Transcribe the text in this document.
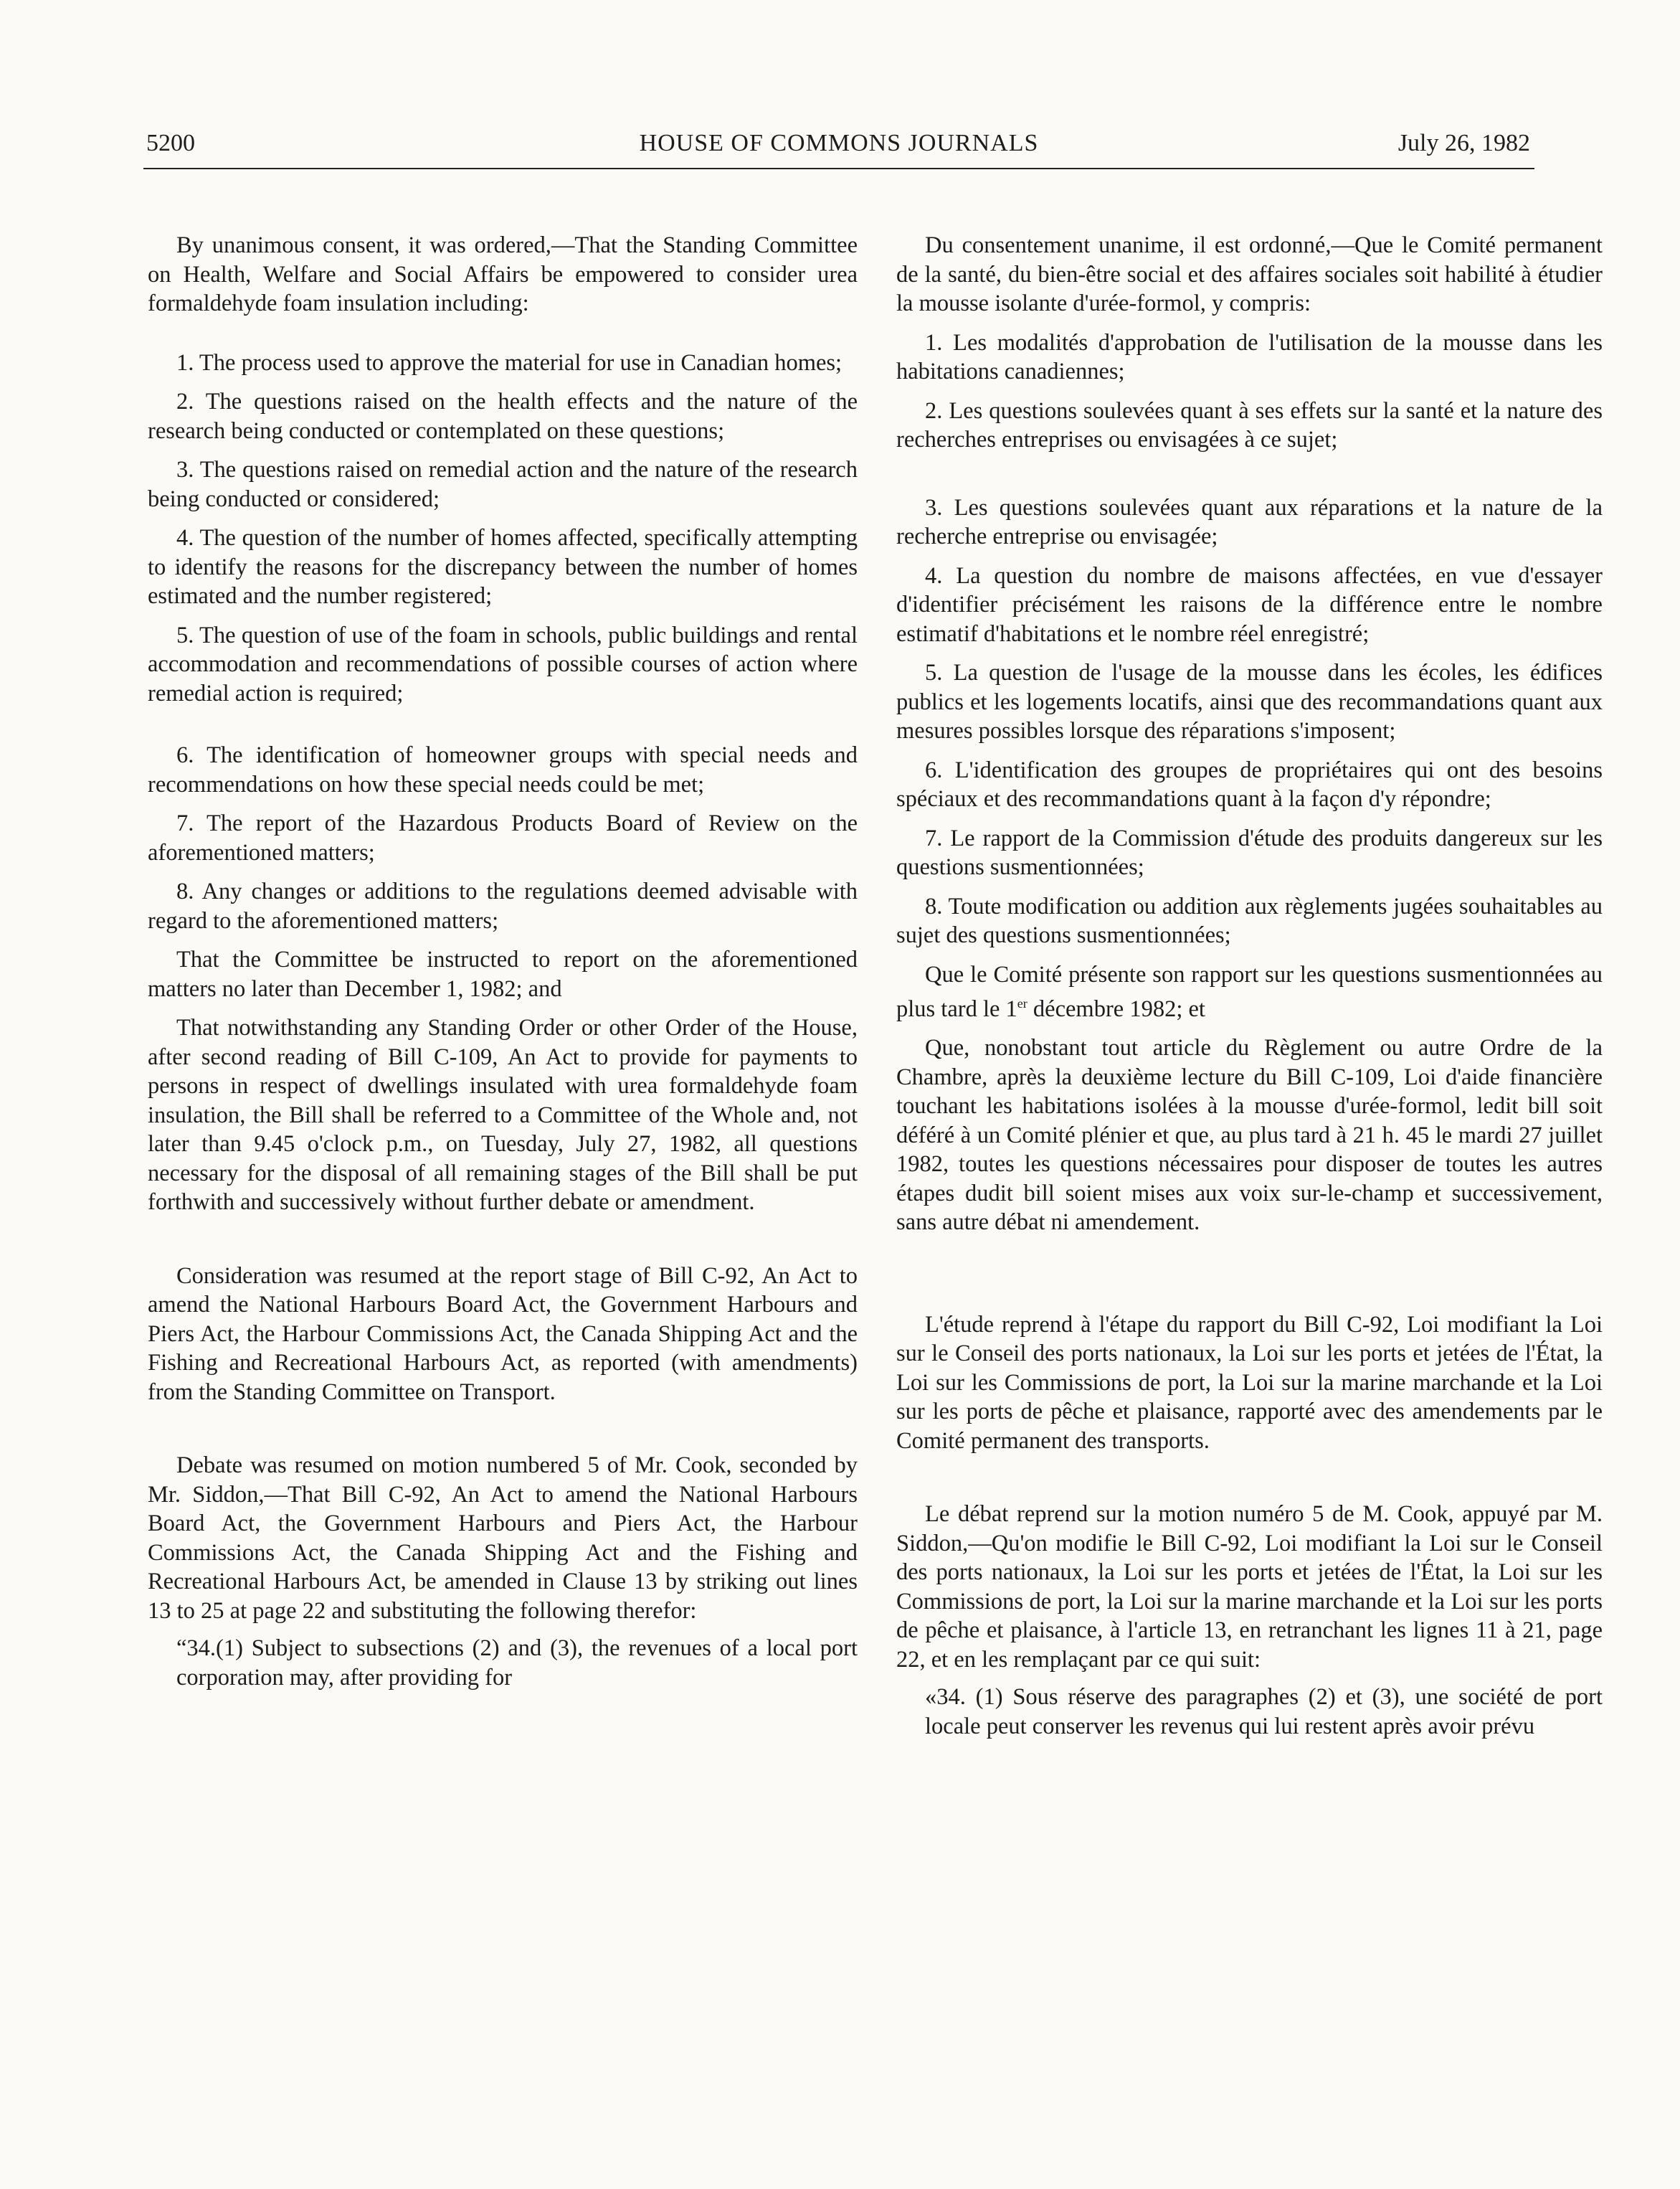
5200	HOUSE OF COMMONS JOURNALS	July 26, 1982

By unanimous consent, it was ordered,—That the Standing Committee on Health, Welfare and Social Affairs be empowered to consider urea formaldehyde foam insulation including:

1. The process used to approve the material for use in Canadian homes;

2. The questions raised on the health effects and the nature of the research being conducted or contemplated on these questions;

3. The questions raised on remedial action and the nature of the research being conducted or considered;

4. The question of the number of homes affected, specifically attempting to identify the reasons for the discrepancy between the number of homes estimated and the number registered;

5. The question of use of the foam in schools, public buildings and rental accommodation and recommendations of possible courses of action where remedial action is required;

6. The identification of homeowner groups with special needs and recommendations on how these special needs could be met;

7. The report of the Hazardous Products Board of Review on the aforementioned matters;

8. Any changes or additions to the regulations deemed advisable with regard to the aforementioned matters;

That the Committee be instructed to report on the aforementioned matters no later than December 1, 1982; and

That notwithstanding any Standing Order or other Order of the House, after second reading of Bill C-109, An Act to provide for payments to persons in respect of dwellings insulated with urea formaldehyde foam insulation, the Bill shall be referred to a Committee of the Whole and, not later than 9.45 o'clock p.m., on Tuesday, July 27, 1982, all questions necessary for the disposal of all remaining stages of the Bill shall be put forthwith and successively without further debate or amendment.

Consideration was resumed at the report stage of Bill C-92, An Act to amend the National Harbours Board Act, the Government Harbours and Piers Act, the Harbour Commissions Act, the Canada Shipping Act and the Fishing and Recreational Harbours Act, as reported (with amendments) from the Standing Committee on Transport.

Debate was resumed on motion numbered 5 of Mr. Cook, seconded by Mr. Siddon,—That Bill C-92, An Act to amend the National Harbours Board Act, the Government Harbours and Piers Act, the Harbour Commissions Act, the Canada Shipping Act and the Fishing and Recreational Harbours Act, be amended in Clause 13 by striking out lines 13 to 25 at page 22 and substituting the following therefor:

“34.(1) Subject to subsections (2) and (3), the revenues of a local port corporation may, after providing for

Du consentement unanime, il est ordonné,—Que le Comité permanent de la santé, du bien-être social et des affaires sociales soit habilité à étudier la mousse isolante d'urée-formol, y compris:

1. Les modalités d'approbation de l'utilisation de la mousse dans les habitations canadiennes;

2. Les questions soulevées quant à ses effets sur la santé et la nature des recherches entreprises ou envisagées à ce sujet;

3. Les questions soulevées quant aux réparations et la nature de la recherche entreprise ou envisagée;

4. La question du nombre de maisons affectées, en vue d'essayer d'identifier précisément les raisons de la différence entre le nombre estimatif d'habitations et le nombre réel enregistré;

5. La question de l'usage de la mousse dans les écoles, les édifices publics et les logements locatifs, ainsi que des recommandations quant aux mesures possibles lorsque des réparations s'imposent;

6. L'identification des groupes de propriétaires qui ont des besoins spéciaux et des recommandations quant à la façon d'y répondre;

7. Le rapport de la Commission d'étude des produits dangereux sur les questions susmentionnées;

8. Toute modification ou addition aux règlements jugées souhaitables au sujet des questions susmentionnées;

Que le Comité présente son rapport sur les questions susmentionnées au plus tard le 1er décembre 1982; et

Que, nonobstant tout article du Règlement ou autre Ordre de la Chambre, après la deuxième lecture du Bill C-109, Loi d'aide financière touchant les habitations isolées à la mousse d'urée-formol, ledit bill soit déféré à un Comité plénier et que, au plus tard à 21 h. 45 le mardi 27 juillet 1982, toutes les questions nécessaires pour disposer de toutes les autres étapes dudit bill soient mises aux voix sur-le-champ et successivement, sans autre débat ni amendement.

L'étude reprend à l'étape du rapport du Bill C-92, Loi modifiant la Loi sur le Conseil des ports nationaux, la Loi sur les ports et jetées de l'État, la Loi sur les Commissions de port, la Loi sur la marine marchande et la Loi sur les ports de pêche et plaisance, rapporté avec des amendements par le Comité permanent des transports.

Le débat reprend sur la motion numéro 5 de M. Cook, appuyé par M. Siddon,—Qu'on modifie le Bill C-92, Loi modifiant la Loi sur le Conseil des ports nationaux, la Loi sur les ports et jetées de l'État, la Loi sur les Commissions de port, la Loi sur la marine marchande et la Loi sur les ports de pêche et plaisance, à l'article 13, en retranchant les lignes 11 à 21, page 22, et en les remplaçant par ce qui suit:

«34. (1) Sous réserve des paragraphes (2) et (3), une société de port locale peut conserver les revenus qui lui restent après avoir prévu
